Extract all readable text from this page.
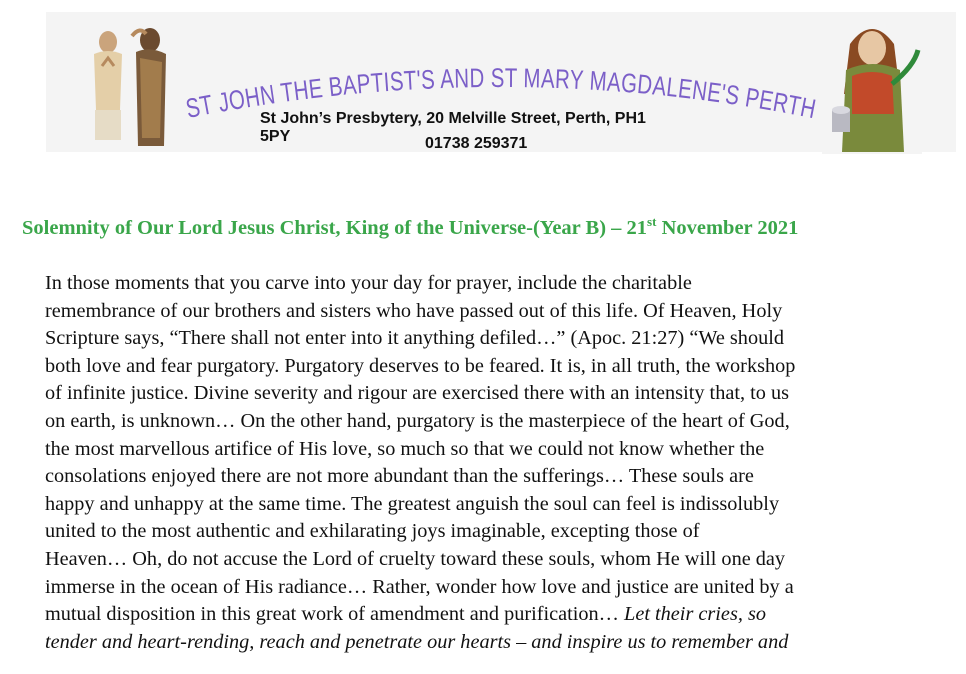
ST JOHN THE BAPTIST'S AND ST MARY MAGDALENE'S PERTH
St John’s Presbytery, 20 Melville Street, Perth, PH1 5PY	01738 259371
Solemnity of Our Lord Jesus Christ, King of the Universe-(Year B) – 21st November 2021
In those moments that you carve into your day for prayer, include the charitable
remembrance of our brothers and sisters who have passed out of this life. Of Heaven, Holy
Scripture says, “There shall not enter into it anything defiled…” (Apoc. 21:27) “We should
both love and fear purgatory. Purgatory deserves to be feared. It is, in all truth, the workshop
of infinite justice. Divine severity and rigour are exercised there with an intensity that, to us
on earth, is unknown… On the other hand, purgatory is the masterpiece of the heart of God,
the most marvellous artifice of His love, so much so that we could not know whether the
consolations enjoyed there are not more abundant than the sufferings… These souls are
happy and unhappy at the same time. The greatest anguish the soul can feel is indissolubly
united to the most authentic and exhilarating joys imaginable, excepting those of
Heaven… Oh, do not accuse the Lord of cruelty toward these souls, whom He will one day
immerse in the ocean of His radiance… Rather, wonder how love and justice are united by a
mutual disposition in this great work of amendment and purification… Let their cries, so
tender and heart-rending, reach and penetrate our hearts – and inspire us to remember and
